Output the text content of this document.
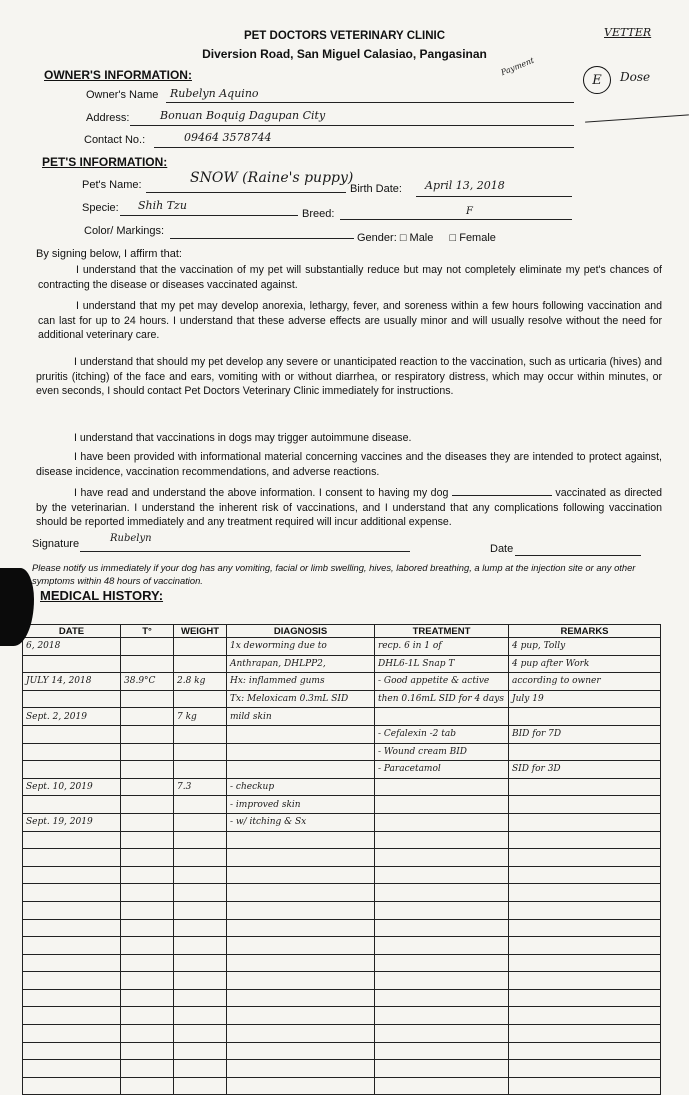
PET DOCTORS VETERINARY CLINIC
Diversion Road, San Miguel Calasiao, Pangasinan
VETTER
E	Dose
Payment
OWNER'S INFORMATION:
Owner's Name Rubelyn Aquino
Address:	Bonuan Boquig Dagupan City
Contact No.:	09464 3578744
PET'S INFORMATION:
Pet's Name:	SNOW (Raine's puppy)
Birth Date: April 13, 2018
Specie: Shih Tzu
Breed:	F
Color/ Markings:
Gender: □ Male □ Female
By signing below, I affirm that:
I understand that the vaccination of my pet will substantially reduce but may not completely eliminate my pet's chances of contracting the disease or diseases vaccinated against.
I understand that my pet may develop anorexia, lethargy, fever, and soreness within a few hours following vaccination and can last for up to 24 hours. I understand that these adverse effects are usually minor and will usually resolve without the need for additional veterinary care.
I understand that should my pet develop any severe or unanticipated reaction to the vaccination, such as urticaria (hives) and pruritis (itching) of the face and ears, vomiting with or without diarrhea, or respiratory distress, which may occur within minutes, or even seconds, I should contact Pet Doctors Veterinary Clinic immediately for instructions.
I understand that vaccinations in dogs may trigger autoimmune disease.
I have been provided with informational material concerning vaccines and the diseases they are intended to protect against, disease incidence, vaccination recommendations, and adverse reactions.
I have read and understand the above information. I consent to having my dog	vaccinated as directed by the veterinarian. I understand the inherent risk of vaccinations, and I understand that any complications following vaccination should be reported immediately and any treatment required will incur additional expense.
Signature	Rubelyn
Date
Please notify us immediately if your dog has any vomiting, facial or limb swelling, hives, labored breathing, a lump at the injection site or any other symptoms within 48 hours of vaccination.
MEDICAL HISTORY:
DATE	T°	WEIGHT	DIAGNOSIS	TREATMENT	REMARKS
6, 2018			1x deworming due to	recp. 6 in 1 of	4 pup, Tolly
			Anthrapan, DHLPP2,	DHL6-1L Snap T	4 pup after Work
JULY 14, 2018	38.9°C	2.8 kg	Hx: inflammed gums	- Good appetite & active	according to owner
			Tx: Meloxicam 0.3mL SID	then 0.16mL SID for 4 days	July 19
Sept. 2, 2019		7 kg	mild skin		
				- Cefalexin -2 tab	BID for 7D
				- Wound cream BID	
				- Paracetamol	SID for 3D
Sept. 10, 2019		7.3	- checkup		
			- improved skin		
Sept. 19, 2019			- w/ itching & Sx		
